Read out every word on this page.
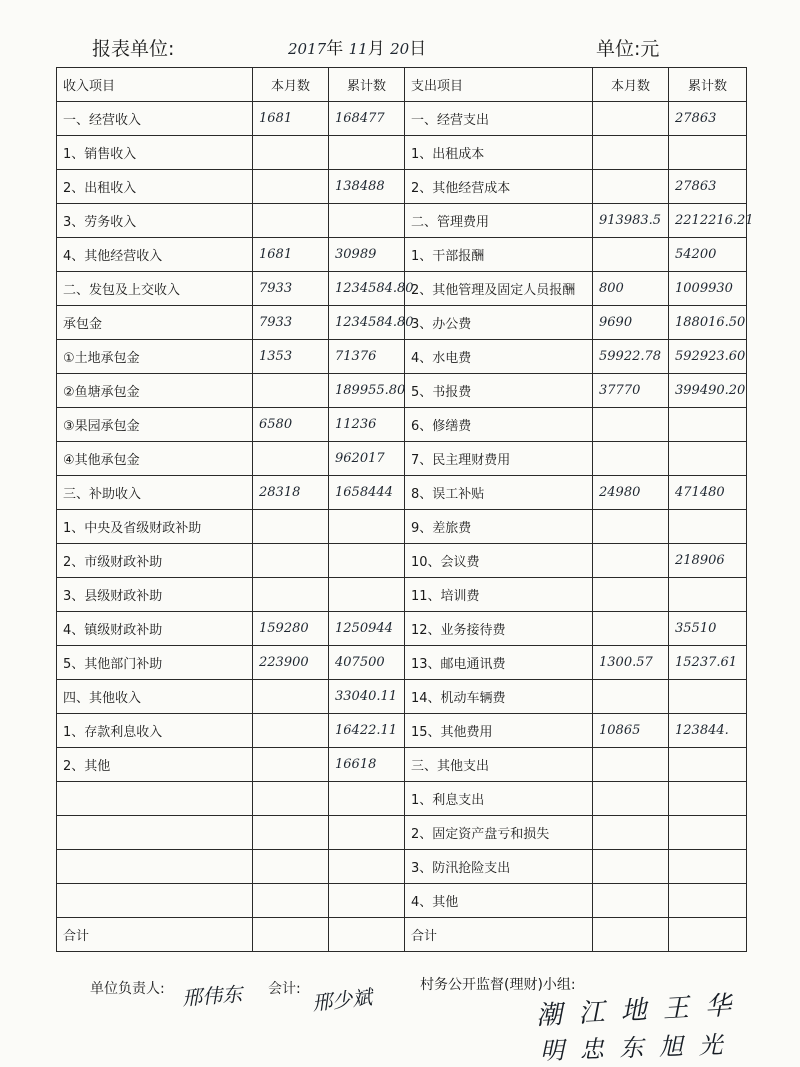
报表单位:	2017年 11月 20日	单位:元
收入项目	本月数	累计数	支出项目	本月数	累计数
一、经营收入	1681	168477	一、经营支出		27863
1、销售收入			1、出租成本		
2、出租收入		138488	2、其他经营成本		27863
3、劳务收入			二、管理费用	913983.5	2212216.21
4、其他经营收入	1681	30989	1、干部报酬		54200
二、发包及上交收入	7933	1234584.80	2、其他管理及固定人员报酬	800	1009930
承包金	7933	1234584.80	3、办公费	9690	188016.50
①土地承包金	1353	71376	4、水电费	59922.78	592923.60
②鱼塘承包金		189955.80	5、书报费	37770	399490.20
③果园承包金	6580	11236	6、修缮费		
④其他承包金		962017	7、民主理财费用		
三、补助收入	28318	1658444	8、误工补贴	24980	471480
1、中央及省级财政补助			9、差旅费		
2、市级财政补助			10、会议费		218906
3、县级财政补助			11、培训费		
4、镇级财政补助	159280	1250944	12、业务接待费		35510
5、其他部门补助	223900	407500	13、邮电通讯费	1300.57	15237.61
四、其他收入		33040.11	14、机动车辆费		
1、存款利息收入		16422.11	15、其他费用	10865	123844.
2、其他		16618	三、其他支出		
			1、利息支出		
			2、固定资产盘亏和损失		
			3、防汛抢险支出		
			4、其他		
合计			合计		
单位负责人: 邢伟东 会计: 邢少斌	村务公开监督(理财)小组:
潮 江 地 王 华
明 忠 东 旭 光
